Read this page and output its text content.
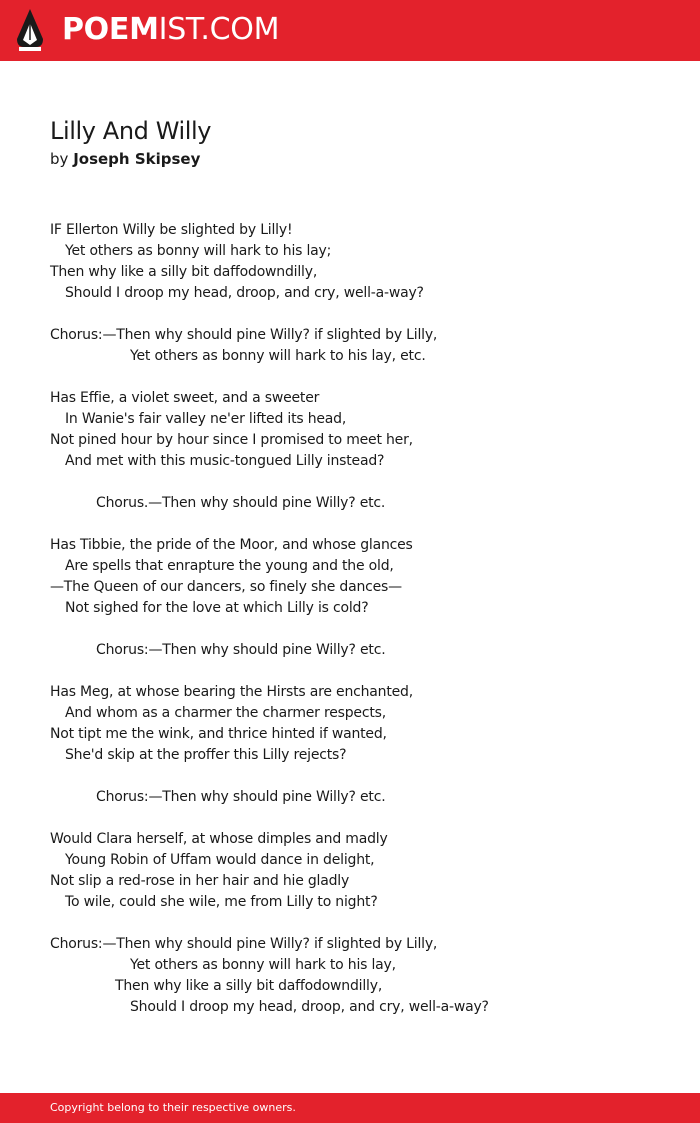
POEMIST.COM
Lilly And Willy
by Joseph Skipsey
IF Ellerton Willy be slighted by Lilly!
Yet others as bonny will hark to his lay;
Then why like a silly bit daffodowndilly,
Should I droop my head, droop, and cry, well-a-way?
Chorus:—Then why should pine Willy? if slighted by Lilly,
Yet others as bonny will hark to his lay, etc.
Has Effie, a violet sweet, and a sweeter
In Wanie's fair valley ne'er lifted its head,
Not pined hour by hour since I promised to meet her,
And met with this music-tongued Lilly instead?
Chorus.—Then why should pine Willy? etc.
Has Tibbie, the pride of the Moor, and whose glances
Are spells that enrapture the young and the old,
—The Queen of our dancers, so finely she dances—
Not sighed for the love at which Lilly is cold?
Chorus:—Then why should pine Willy? etc.
Has Meg, at whose bearing the Hirsts are enchanted,
And whom as a charmer the charmer respects,
Not tipt me the wink, and thrice hinted if wanted,
She'd skip at the proffer this Lilly rejects?
Chorus:—Then why should pine Willy? etc.
Would Clara herself, at whose dimples and madly
Young Robin of Uffam would dance in delight,
Not slip a red-rose in her hair and hie gladly
To wile, could she wile, me from Lilly to night?
Chorus:—Then why should pine Willy? if slighted by Lilly,
Yet others as bonny will hark to his lay,
Then why like a silly bit daffodowndilly,
Should I droop my head, droop, and cry, well-a-way?
Copyright belong to their respective owners.
